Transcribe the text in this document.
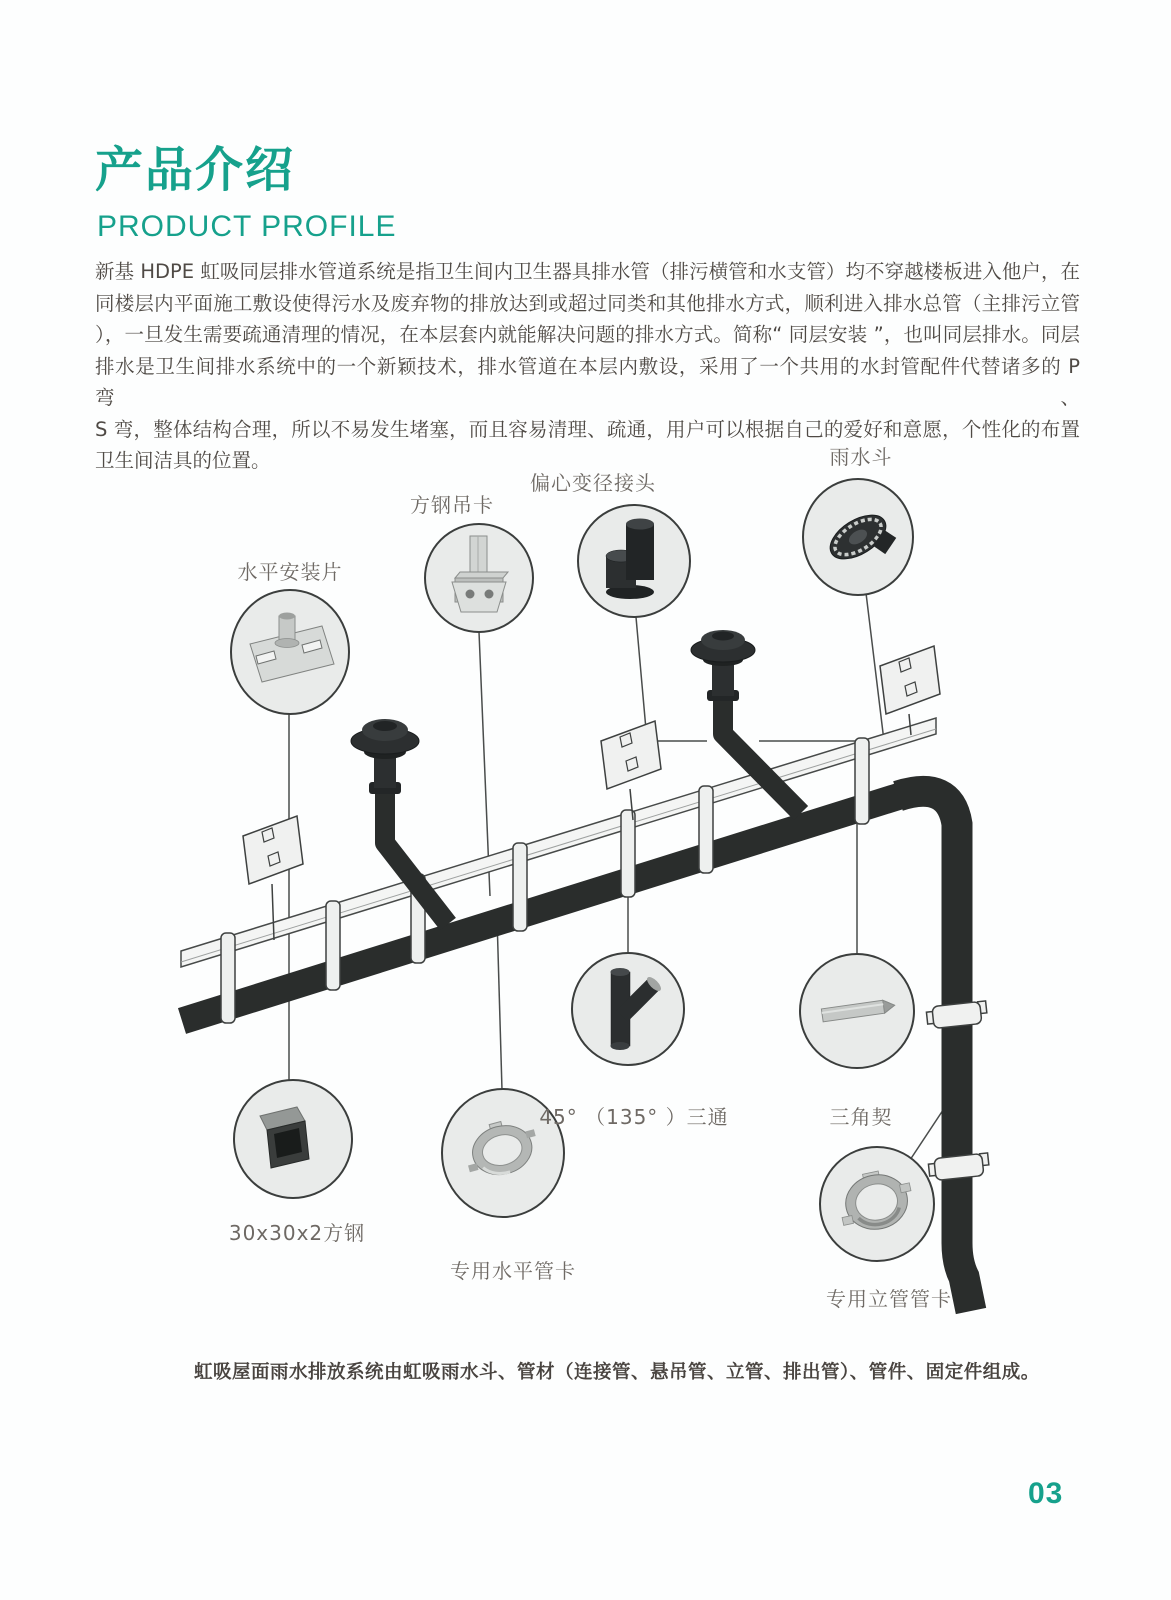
产品介绍
PRODUCT PROFILE
新基 HDPE 虹吸同层排水管道系统是指卫生间内卫生器具排水管（排污横管和水支管）均不穿越楼板进入他户，在
同楼层内平面施工敷设使得污水及废弃物的排放达到或超过同类和其他排水方式，顺利进入排水总管（主排污立管
），一旦发生需要疏通清理的情况，在本层套内就能解决问题的排水方式。简称“ 同层安装 ”，也叫同层排水。同层
排水是卫生间排水系统中的一个新颖技术，排水管道在本层内敷设，采用了一个共用的水封管配件代替诸多的 P 弯、
S 弯，整体结构合理，所以不易发生堵塞，而且容易清理、疏通，用户可以根据自己的爱好和意愿，个性化的布置
卫生间洁具的位置。
水平安装片
方钢吊卡
偏心变径接头
雨水斗
45° （135° ）三通	三角契
30x30x2方钢
专用水平管卡
专用立管管卡
虹吸屋面雨水排放系统由虹吸雨水斗、管材（连接管、悬吊管、立管、排出管）、管件、固定件组成。
03
